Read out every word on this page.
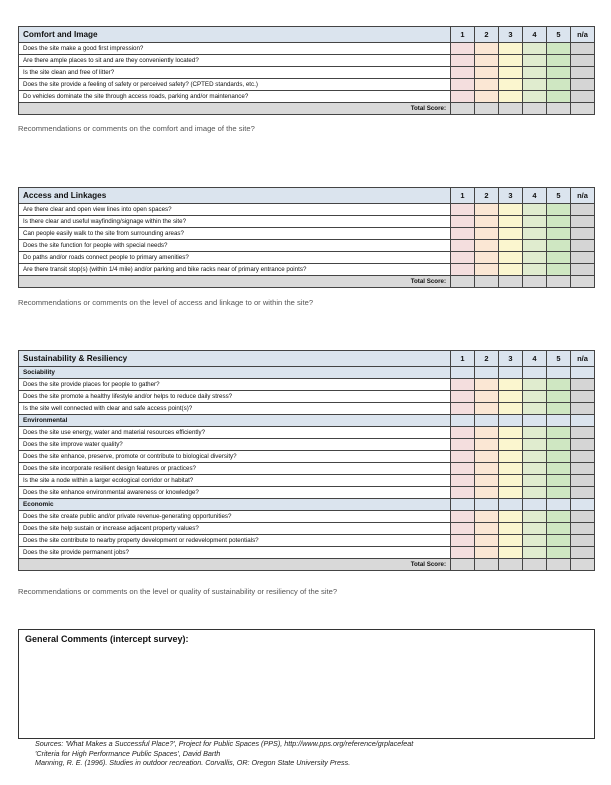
Comfort and Image	1	2	3	4	5	n/a
Does the site make a good first impression?						
Are there ample places to sit and are they conveniently located?						
Is the site clean and free of litter?						
Does the site provide a feeling of safety or perceived safety? (CPTED standards, etc.)						
Do vehicles dominate the site through access roads, parking and/or maintenance?						
Total Score:						
Recommendations or comments on the comfort and image of the site?
Access and Linkages	1	2	3	4	5	n/a
Are there clear and open view lines into open spaces?						
Is there clear and useful wayfinding/signage within the site?						
Can people easily walk to the site from surrounding areas?						
Does the site function for people with special needs?						
Do paths and/or roads connect people to primary amenities?						
Are there transit stop(s) (within 1/4 mile) and/or parking and bike racks near of primary entrance points?						
Total Score:						
Recommendations or comments on the level of access and linkage to or within the site?
Sustainability & Resiliency	1	2	3	4	5	n/a
Sociability						
Does the site provide places for people to gather?						
Does the site promote a healthy lifestyle and/or helps to reduce daily stress?						
Is the site well connected with clear and safe access point(s)?						
Environmental						
Does the site use energy, water and material resources efficiently?						
Does the site improve water quality?						
Does the site enhance, preserve, promote or contribute to biological diversity?						
Does the site incorporate resilient design features or practices?						
Is the site a node within a larger ecological corridor or habitat?						
Does the site enhance environmental awareness or knowledge?						
Economic						
Does the site create public and/or private revenue-generating opportunities?						
Does the site help sustain or increase adjacent property values?						
Does the site contribute to nearby property development or redevelopment potentials?						
Does the site provide permanent jobs?						
Total Score:						
Recommendations or comments on the level or quality of sustainability or resiliency of the site?
General Comments (intercept survey):
Sources: 'What Makes a Successful Place?', Project for Public Spaces (PPS), http://www.pps.org/reference/grplacefeat
'Criteria for High Performance Public Spaces', David Barth
Manning, R. E. (1996). Studies in outdoor recreation. Corvallis, OR: Oregon State University Press.
